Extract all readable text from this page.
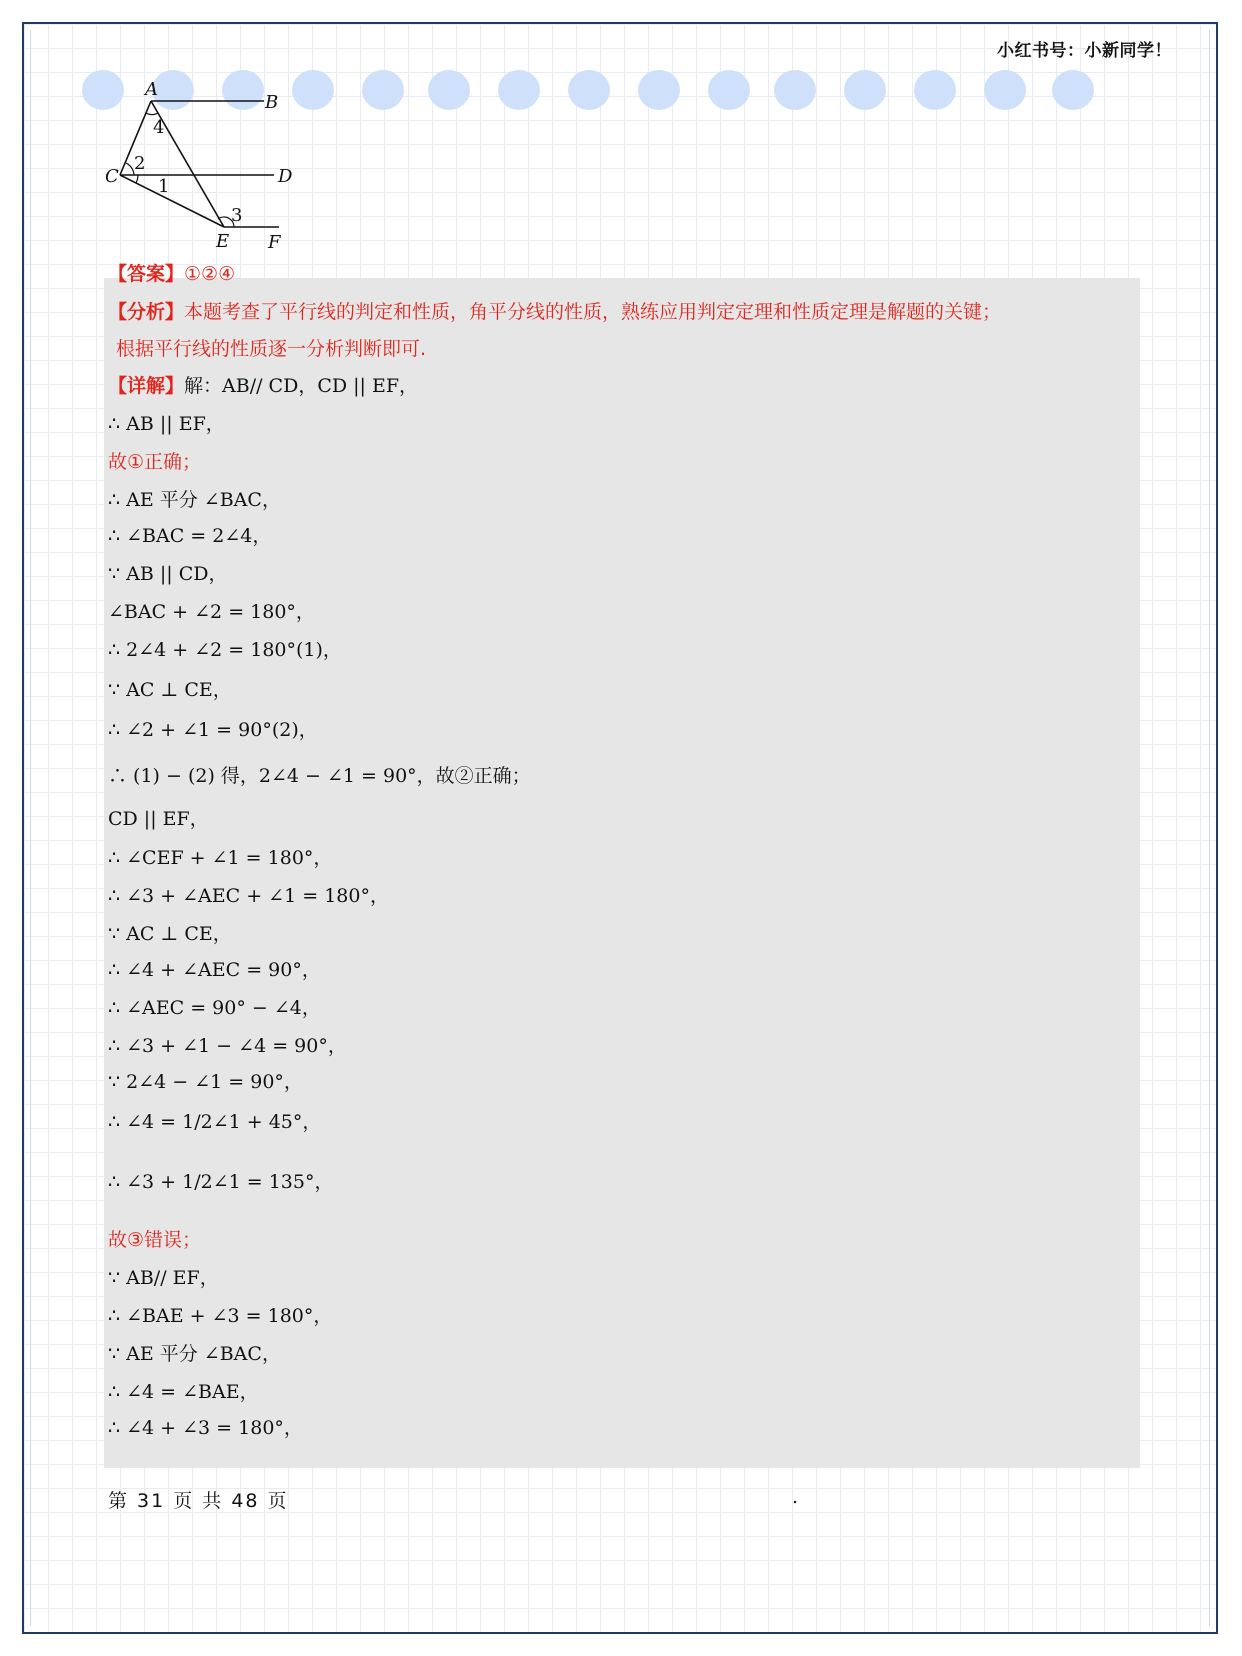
小红书号：小新同学！
A
B
C	D
E F
4
2
1
3
【答案】①②④
【分析】本题考查了平行线的判定和性质，角平分线的性质，熟练应用判定定理和性质定理是解题的关键；
根据平行线的性质逐一分析判断即可.
【详解】解：AB// CD，CD || EF，
∴ AB || EF，
故①正确；
∴ AE 平分 ∠BAC，
∴ ∠BAC = 2∠4，
∵ AB || CD，
∠BAC + ∠2 = 180°，
∴ 2∠4 + ∠2 = 180°(1)，
∵ AC ⊥ CE，
∴ ∠2 + ∠1 = 90°(2)，
∴ (1) − (2) 得，2∠4 − ∠1 = 90°，故②正确；
CD || EF，
∴ ∠CEF + ∠1 = 180°，
∴ ∠3 + ∠AEC + ∠1 = 180°，
∵ AC ⊥ CE，
∴ ∠4 + ∠AEC = 90°，
∴ ∠AEC = 90° − ∠4，
∴ ∠3 + ∠1 − ∠4 = 90°，
∵ 2∠4 − ∠1 = 90°，
∴ ∠4 = 1/2∠1 + 45°，
∴ ∠3 + 1/2∠1 = 135°，
故③错误；
∵ AB// EF，
∴ ∠BAE + ∠3 = 180°，
∵ AE 平分 ∠BAC，
∴ ∠4 = ∠BAE，
∴ ∠4 + ∠3 = 180°，
第 31 页 共 48 页	.
